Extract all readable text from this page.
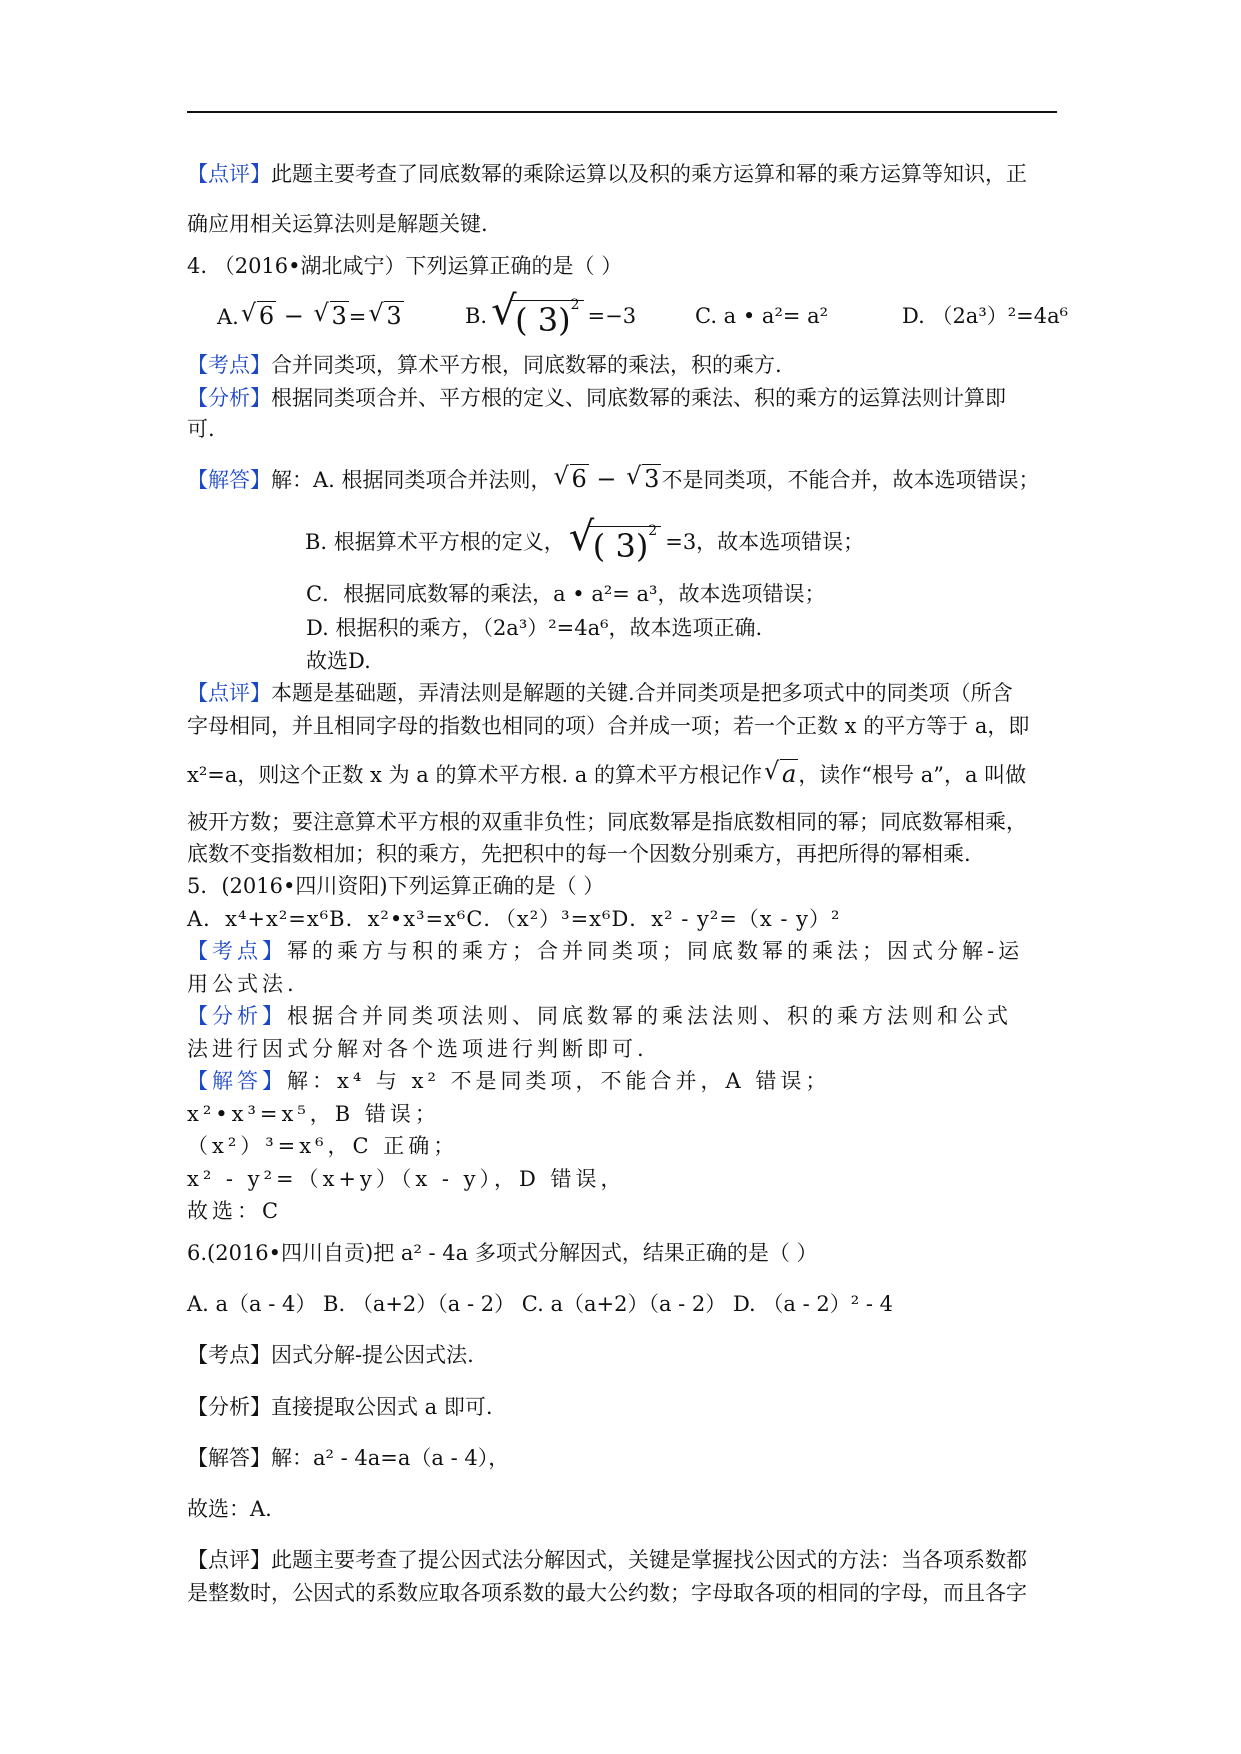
【点评】此题主要考查了同底数幂的乘除运算以及积的乘方运算和幂的乘方运算等知识，正
确应用相关运算法则是解题关键.
4. （2016•湖北咸宁）下列运算正确的是（ ）
A. √ 6 − √ 3= √ 3	B. √ ( 3)$^2$ =−3	C. a • a²= a²	D. （2a³）²=4a⁶
【考点】合并同类项，算术平方根，同底数幂的乘法，积的乘方.
【分析】根据同类项合并、平方根的定义、同底数幂的乘法、积的乘方的运算法则计算即
可.
【解答】解：A. 根据同类项合并法则， √ 6 − √ 3不是同类项，不能合并，故本选项错误；
B. 根据算术平方根的定义， √ ( 3)$^2$ =3，故本选项错误；
C．根据同底数幂的乘法，a • a²= a³，故本选项错误；
D. 根据积的乘方，（2a³）²=4a⁶，故本选项正确.
故选D.
【点评】本题是基础题，弄清法则是解题的关键.合并同类项是把多项式中的同类项（所含
字母相同，并且相同字母的指数也相同的项）合并成一项；若一个正数 x 的平方等于 a，即
x²=a，则这个正数 x 为 a 的算术平方根. a 的算术平方根记作 √ a，读作“根号 a”，a 叫做
被开方数；要注意算术平方根的双重非负性；同底数幂是指底数相同的幂；同底数幂相乘，
底数不变指数相加；积的乘方，先把积中的每一个因数分别乘方，再把所得的幂相乘.
5．(2016•四川资阳)下列运算正确的是（ ）
A．x⁴+x²=x⁶B．x²•x³=x⁶C．（x²）³=x⁶D．x² - y²=（x - y）²
【考点】幂的乘方与积的乘方；合并同类项；同底数幂的乘法；因式分解-运
用公式法.
【分析】根据合并同类项法则、同底数幂的乘法法则、积的乘方法则和公式
法进行因式分解对各个选项进行判断即可.
【解答】解：x⁴ 与 x² 不是同类项，不能合并，A 错误；
x²•x³=x⁵，B 错误；
（x²）³=x⁶，C 正确；
x² - y²=（x+y）（x - y），D 错误，
故选：C
6.(2016•四川自贡)把 a² - 4a 多项式分解因式，结果正确的是（ ）
A. a（a - 4） B. （a+2）（a - 2） C. a（a+2）（a - 2） D. （a - 2）² - 4
【考点】因式分解-提公因式法.
【分析】直接提取公因式 a 即可.
【解答】解：a² - 4a=a（a - 4），
故选：A.
【点评】此题主要考查了提公因式法分解因式，关键是掌握找公因式的方法：当各项系数都
是整数时，公因式的系数应取各项系数的最大公约数；字母取各项的相同的字母，而且各字
